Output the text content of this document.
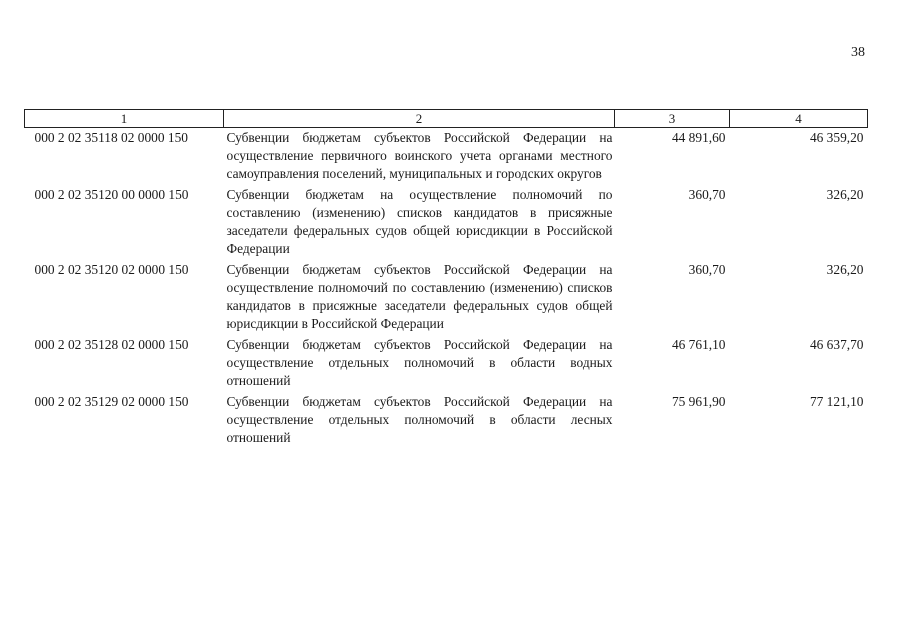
38
1	2	3	4
000 2 02 35118 02 0000 150	Субвенции бюджетам субъектов Российской Федерации на осуществление первичного воинского учета органами местного самоуправления поселений, муниципальных и городских округов	44 891,60	46 359,20
000 2 02 35120 00 0000 150	Субвенции бюджетам на осуществление полномочий по составлению (изменению) списков кандидатов в присяжные заседатели федеральных судов общей юрисдикции в Российской Федерации	360,70	326,20
000 2 02 35120 02 0000 150	Субвенции бюджетам субъектов Российской Федерации на осуществление полномочий по составлению (изменению) списков кандидатов в присяжные заседатели федеральных судов общей юрисдикции в Российской Федерации	360,70	326,20
000 2 02 35128 02 0000 150	Субвенции бюджетам субъектов Российской Федерации на осуществление отдельных полномочий в области водных отношений	46 761,10	46 637,70
000 2 02 35129 02 0000 150	Субвенции бюджетам субъектов Российской Федерации на осуществление отдельных полномочий в области лесных отношений	75 961,90	77 121,10
